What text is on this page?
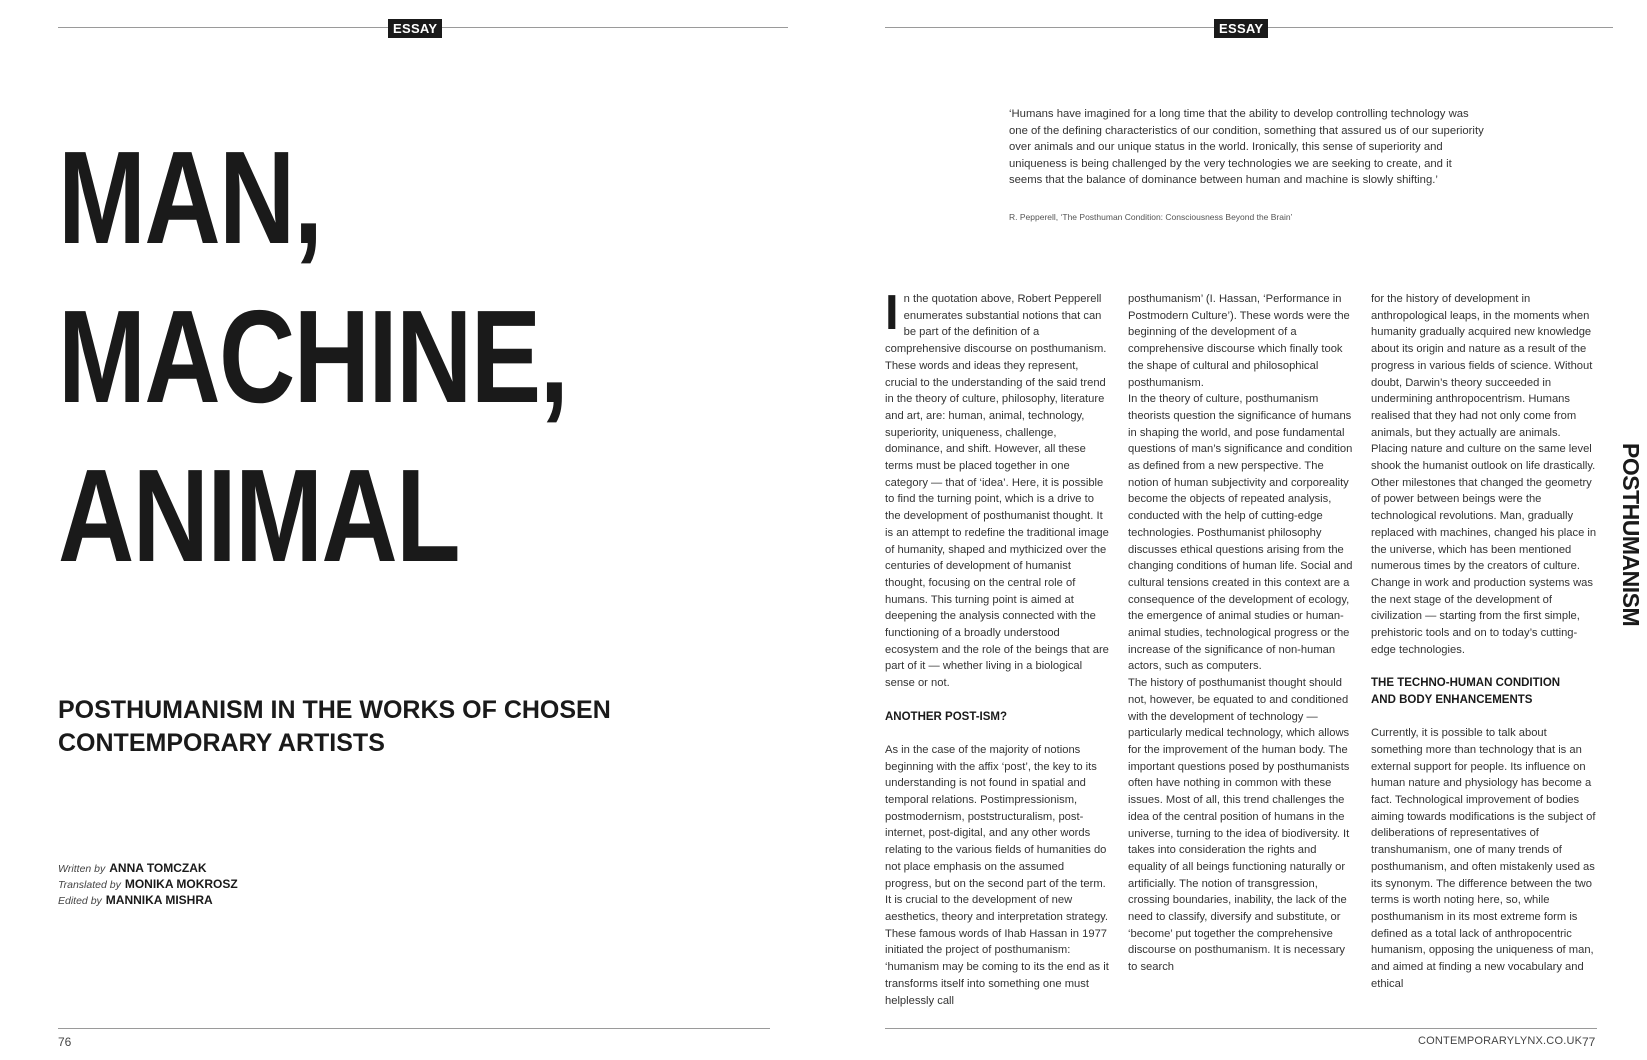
ESSAY
MAN,
MACHINE,
ANIMAL
POSTHUMANISM IN THE WORKS OF CHOSEN
CONTEMPORARY ARTISTS
Written by ANNA TOMCZAK
Translated by MONIKA MOKROSZ
Edited by MANNIKA MISHRA
76
ESSAY
‘Humans have imagined for a long time that the ability to develop controlling technology was one of the defining characteristics of our condition, something that assured us of our superiority over animals and our unique status in the world. Ironically, this sense of superiority and uniqueness is being challenged by the very technologies we are seeking to create, and it seems that the balance of dominance between human and machine is slowly shifting.’
R. Pepperell, ‘The Posthuman Condition: Consciousness Beyond the Brain’
I n the quotation above, Robert Pepperell enumerates substantial notions that can be part of the definition of a comprehensive discourse on posthumanism. These words and ideas they represent, crucial to the understanding of the said trend in the theory of culture, philosophy, literature and art, are: human, animal, technology, superiority, uniqueness, challenge, dominance, and shift. However, all these terms must be placed together in one category — that of ‘idea’. Here, it is possible to find the turning point, which is a drive to the development of posthumanist thought. It is an attempt to redefine the traditional image of humanity, shaped and mythicized over the centuries of development of humanist thought, focusing on the central role of humans. This turning point is aimed at deepening the analysis connected with the functioning of a broadly understood ecosystem and the role of the beings that are part of it — whether living in a biological sense or not.

ANOTHER POST-ISM?

As in the case of the majority of notions beginning with the affix ‘post’, the key to its understanding is not found in spatial and temporal relations. Postimpressionism, postmodernism, poststructuralism, post-internet, post-digital, and any other words relating to the various fields of humanities do not place emphasis on the assumed progress, but on the second part of the term. It is crucial to the development of new aesthetics, theory and interpretation strategy. These famous words of Ihab Hassan in 1977 initiated the project of posthumanism: ‘humanism may be coming to its the end as it transforms itself into something one must helplessly call

posthumanism’ (I. Hassan, ‘Performance in Postmodern Culture’). These words were the beginning of the development of a comprehensive discourse which finally took the shape of cultural and philosophical posthumanism.

In the theory of culture, posthumanism theorists question the significance of humans in shaping the world, and pose fundamental questions of man’s significance and condition as defined from a new perspective. The notion of human subjectivity and corporeality become the objects of repeated analysis, conducted with the help of cutting-edge technologies. Posthumanist philosophy discusses ethical questions arising from the changing conditions of human life. Social and cultural tensions created in this context are a consequence of the development of ecology, the emergence of animal studies or human-animal studies, technological progress or the increase of the significance of non-human actors, such as computers.

The history of posthumanist thought should not, however, be equated to and conditioned with the development of technology — particularly medical technology, which allows for the improvement of the human body. The important questions posed by posthumanists often have nothing in common with these issues. Most of all, this trend challenges the idea of the central position of humans in the universe, turning to the idea of biodiversity. It takes into consideration the rights and equality of all beings functioning naturally or artificially. The notion of transgression, crossing boundaries, inability, the lack of the need to classify, diversify and substitute, or ‘become’ put together the comprehensive discourse on posthumanism. It is necessary to search

for the history of development in anthropological leaps, in the moments when humanity gradually acquired new knowledge about its origin and nature as a result of the progress in various fields of science. Without doubt, Darwin’s theory succeeded in undermining anthropocentrism. Humans realised that they had not only come from animals, but they actually are animals. Placing nature and culture on the same level shook the humanist outlook on life drastically. Other milestones that changed the geometry of power between beings were the technological revolutions. Man, gradually replaced with machines, changed his place in the universe, which has been mentioned numerous times by the creators of culture. Change in work and production systems was the next stage of the development of civilization — starting from the first simple, prehistoric tools and on to today’s cutting-edge technologies.

THE TECHNO-HUMAN CONDITION
AND BODY ENHANCEMENTS

Currently, it is possible to talk about something more than technology that is an external support for people. Its influence on human nature and physiology has become a fact. Technological improvement of bodies aiming towards modifications is the subject of deliberations of representatives of transhumanism, one of many trends of posthumanism, and often mistakenly used as its synonym. The difference between the two terms is worth noting here, so, while posthumanism in its most extreme form is defined as a total lack of anthropocentric humanism, opposing the uniqueness of man, and aimed at finding a new vocabulary and ethical

POSTHUMANISM
CONTEMPORARYLYNX.CO.UK 77
